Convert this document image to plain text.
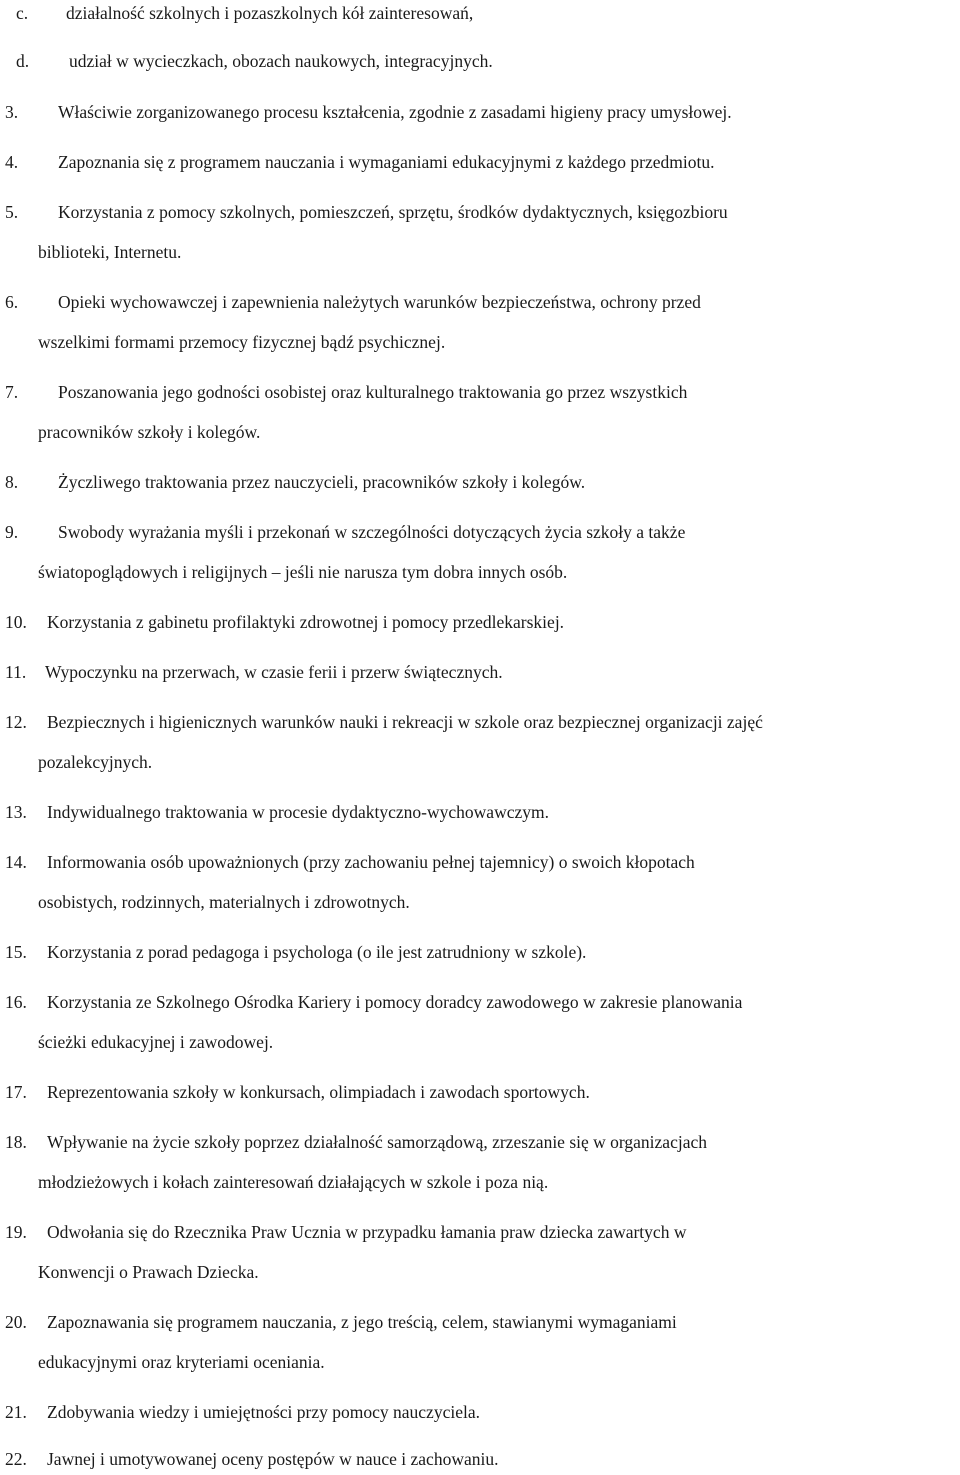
c. działalność szkolnych i pozaszkolnych kół zainteresowań,
d. udział w wycieczkach, obozach naukowych, integracyjnych.
3. Właściwie zorganizowanego procesu kształcenia, zgodnie z zasadami higieny pracy umysłowej.
4. Zapoznania się z programem nauczania i wymaganiami edukacyjnymi z każdego przedmiotu.
5. Korzystania z pomocy szkolnych, pomieszczeń, sprzętu, środków dydaktycznych, księgozbioru
biblioteki, Internetu.
6. Opieki wychowawczej i zapewnienia należytych warunków bezpieczeństwa, ochrony przed
wszelkimi formami przemocy fizycznej bądź psychicznej.
7. Poszanowania jego godności osobistej oraz kulturalnego traktowania go przez wszystkich
pracowników szkoły i kolegów.
8. Życzliwego traktowania przez nauczycieli, pracowników szkoły i kolegów.
9. Swobody wyrażania myśli i przekonań w szczególności dotyczących życia szkoły a także
światopoglądowych i religijnych – jeśli nie narusza tym dobra innych osób.
10. Korzystania z gabinetu profilaktyki zdrowotnej i pomocy przedlekarskiej.
11. Wypoczynku na przerwach, w czasie ferii i przerw świątecznych.
12. Bezpiecznych i higienicznych warunków nauki i rekreacji w szkole oraz bezpiecznej organizacji zajęć
pozalekcyjnych.
13. Indywidualnego traktowania w procesie dydaktyczno-wychowawczym.
14. Informowania osób upoważnionych (przy zachowaniu pełnej tajemnicy) o swoich kłopotach
osobistych, rodzinnych, materialnych i zdrowotnych.
15. Korzystania z porad pedagoga i psychologa (o ile jest zatrudniony w szkole).
16. Korzystania ze Szkolnego Ośrodka Kariery i pomocy doradcy zawodowego w zakresie planowania
ścieżki edukacyjnej i zawodowej.
17. Reprezentowania szkoły w konkursach, olimpiadach i zawodach sportowych.
18. Wpływanie na życie szkoły poprzez działalność samorządową, zrzeszanie się w organizacjach
młodzieżowych i kołach zainteresowań działających w szkole i poza nią.
19. Odwołania się do Rzecznika Praw Ucznia w przypadku łamania praw dziecka zawartych w
Konwencji o Prawach Dziecka.
20. Zapoznawania się programem nauczania, z jego treścią, celem, stawianymi wymaganiami
edukacyjnymi oraz kryteriami oceniania.
21. Zdobywania wiedzy i umiejętności przy pomocy nauczyciela.
22. Jawnej i umotywowanej oceny postępów w nauce i zachowaniu.
